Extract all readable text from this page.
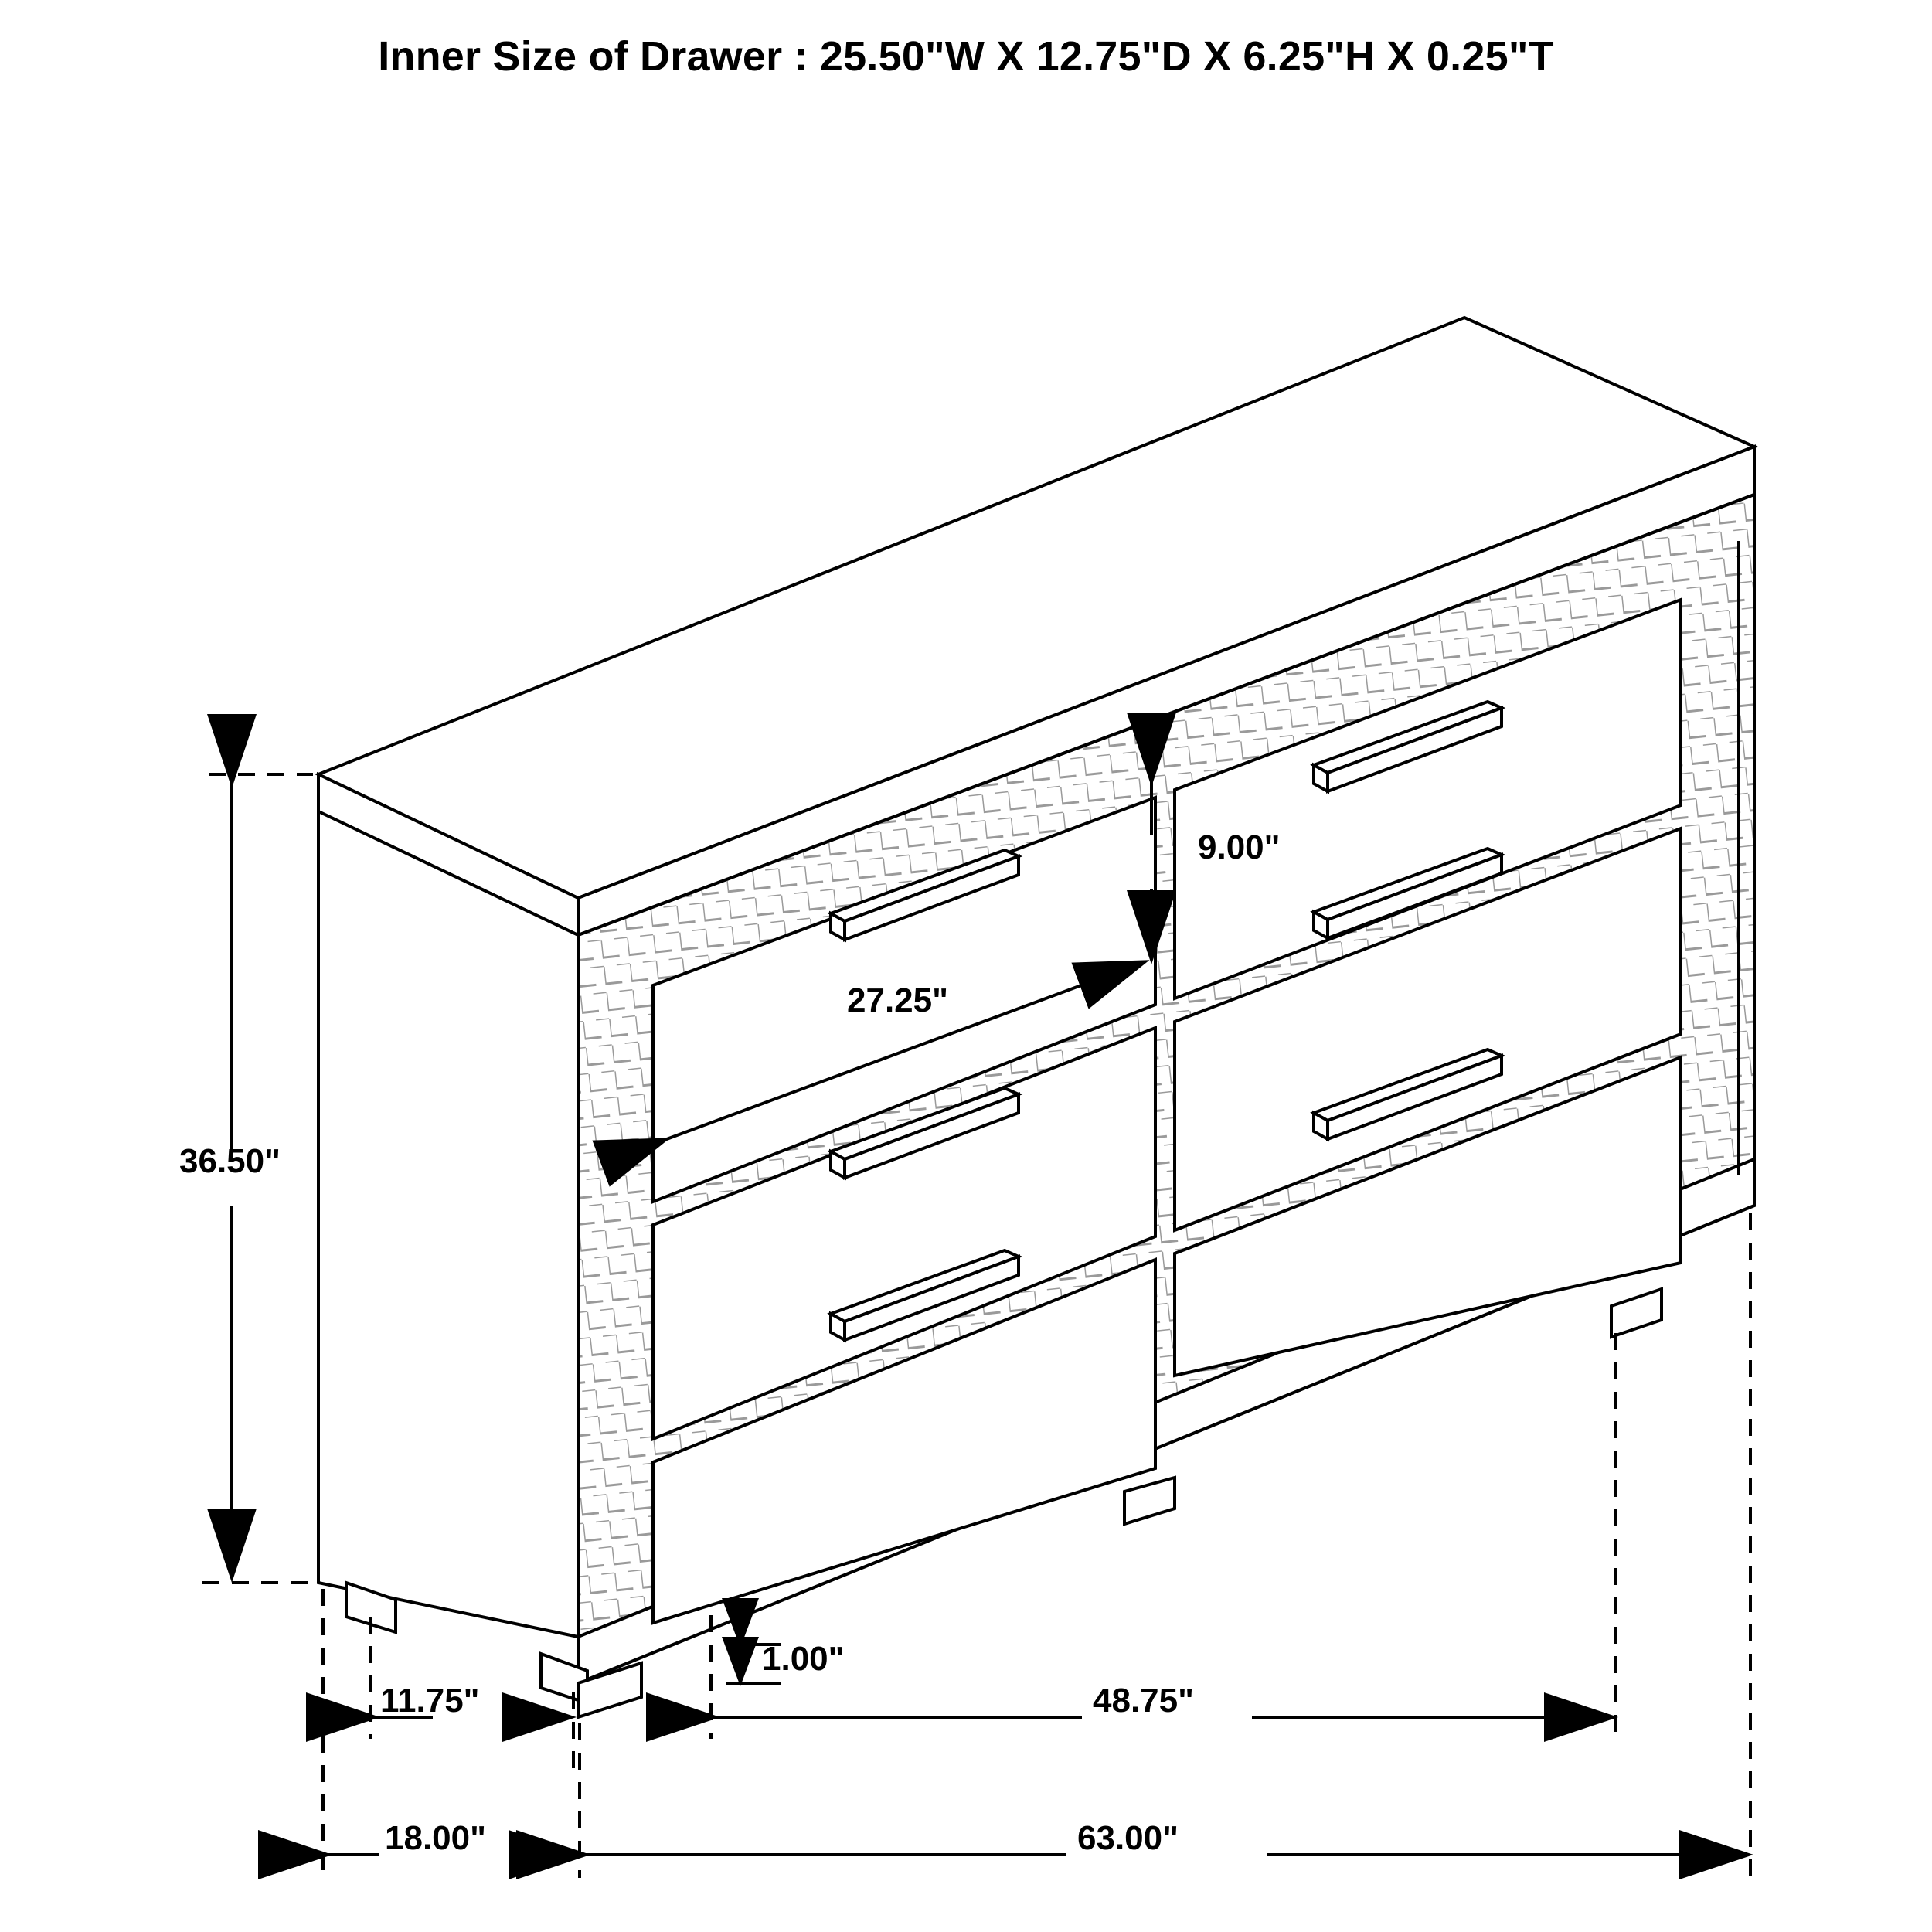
Inner Size of Drawer : 25.50"W X 12.75"D X 6.25"H X 0.25"T
36.50"
9.00"
27.25"
1.00"
11.75"	48.75"
18.00"	63.00"
